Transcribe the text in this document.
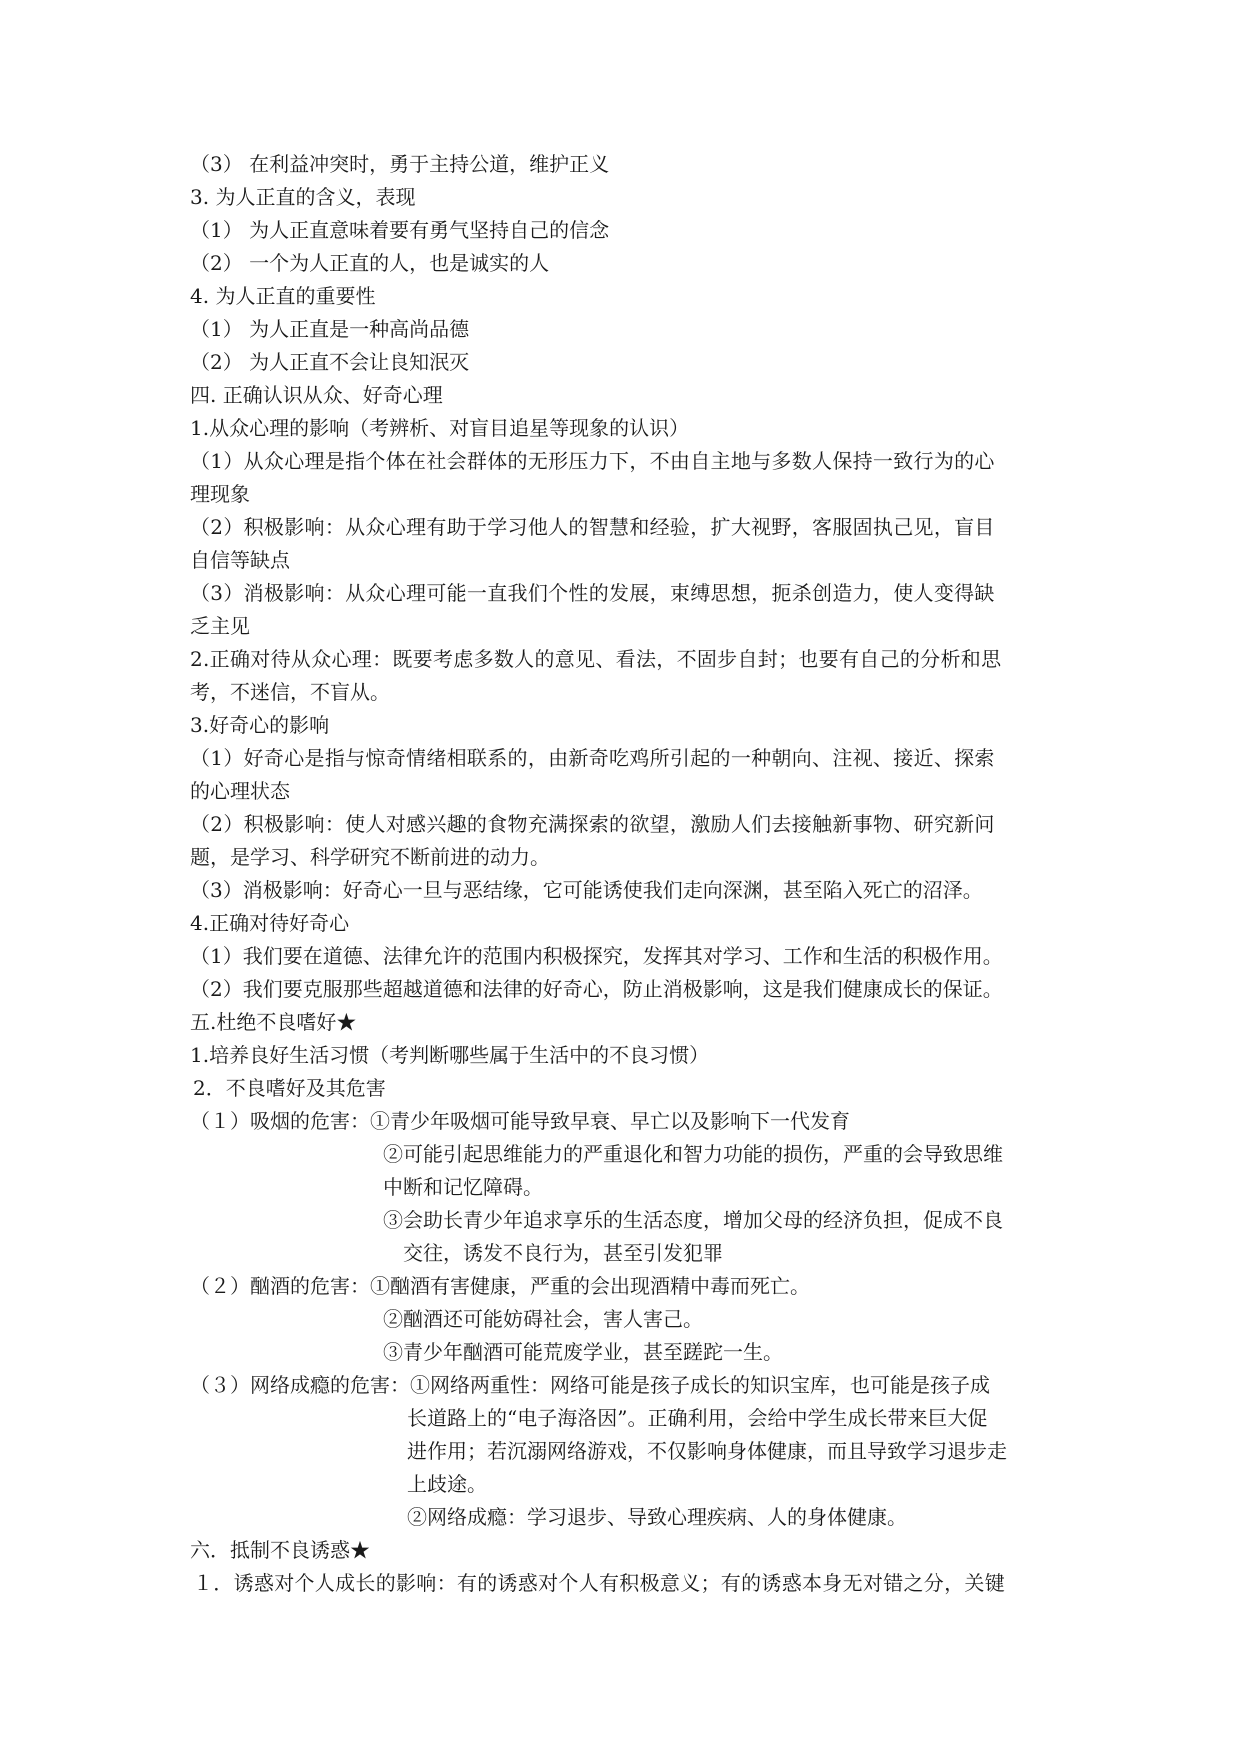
（3） 在利益冲突时，勇于主持公道，维护正义
3. 为人正直的含义，表现
（1） 为人正直意味着要有勇气坚持自己的信念
（2） 一个为人正直的人，也是诚实的人
4. 为人正直的重要性
（1） 为人正直是一种高尚品德
（2） 为人正直不会让良知泯灭
四. 正确认识从众、好奇心理
1.从众心理的影响（考辨析、对盲目追星等现象的认识）
（1）从众心理是指个体在社会群体的无形压力下，不由自主地与多数人保持一致行为的心
理现象
（2）积极影响：从众心理有助于学习他人的智慧和经验，扩大视野，客服固执己见，盲目
自信等缺点
（3）消极影响：从众心理可能一直我们个性的发展，束缚思想，扼杀创造力，使人变得缺
乏主见
2.正确对待从众心理：既要考虑多数人的意见、看法，不固步自封；也要有自己的分析和思
考，不迷信，不盲从。
3.好奇心的影响
（1）好奇心是指与惊奇情绪相联系的，由新奇吃鸡所引起的一种朝向、注视、接近、探索
的心理状态
（2）积极影响：使人对感兴趣的食物充满探索的欲望，激励人们去接触新事物、研究新问
题，是学习、科学研究不断前进的动力。
（3）消极影响：好奇心一旦与恶结缘，它可能诱使我们走向深渊，甚至陷入死亡的沼泽。
4.正确对待好奇心
（1）我们要在道德、法律允许的范围内积极探究，发挥其对学习、工作和生活的积极作用。
（2）我们要克服那些超越道德和法律的好奇心，防止消极影响，这是我们健康成长的保证。
五.杜绝不良嗜好★
1.培养良好生活习惯（考判断哪些属于生活中的不良习惯）
2．不良嗜好及其危害
（１）吸烟的危害：①青少年吸烟可能导致早衰、早亡以及影响下一代发育
②可能引起思维能力的严重退化和智力功能的损伤，严重的会导致思维
中断和记忆障碍。
③会助长青少年追求享乐的生活态度，增加父母的经济负担，促成不良
交往，诱发不良行为，甚至引发犯罪
（２）酗酒的危害：①酗酒有害健康，严重的会出现酒精中毒而死亡。
②酗酒还可能妨碍社会，害人害己。
③青少年酗酒可能荒废学业，甚至蹉跎一生。
（３）网络成瘾的危害：①网络两重性：网络可能是孩子成长的知识宝库，也可能是孩子成
长道路上的“电子海洛因”。正确利用，会给中学生成长带来巨大促
进作用；若沉溺网络游戏，不仅影响身体健康，而且导致学习退步走
上歧途。
②网络成瘾：学习退步、导致心理疾病、人的身体健康。
六．抵制不良诱惑★
１．诱惑对个人成长的影响：有的诱惑对个人有积极意义；有的诱惑本身无对错之分，关键
